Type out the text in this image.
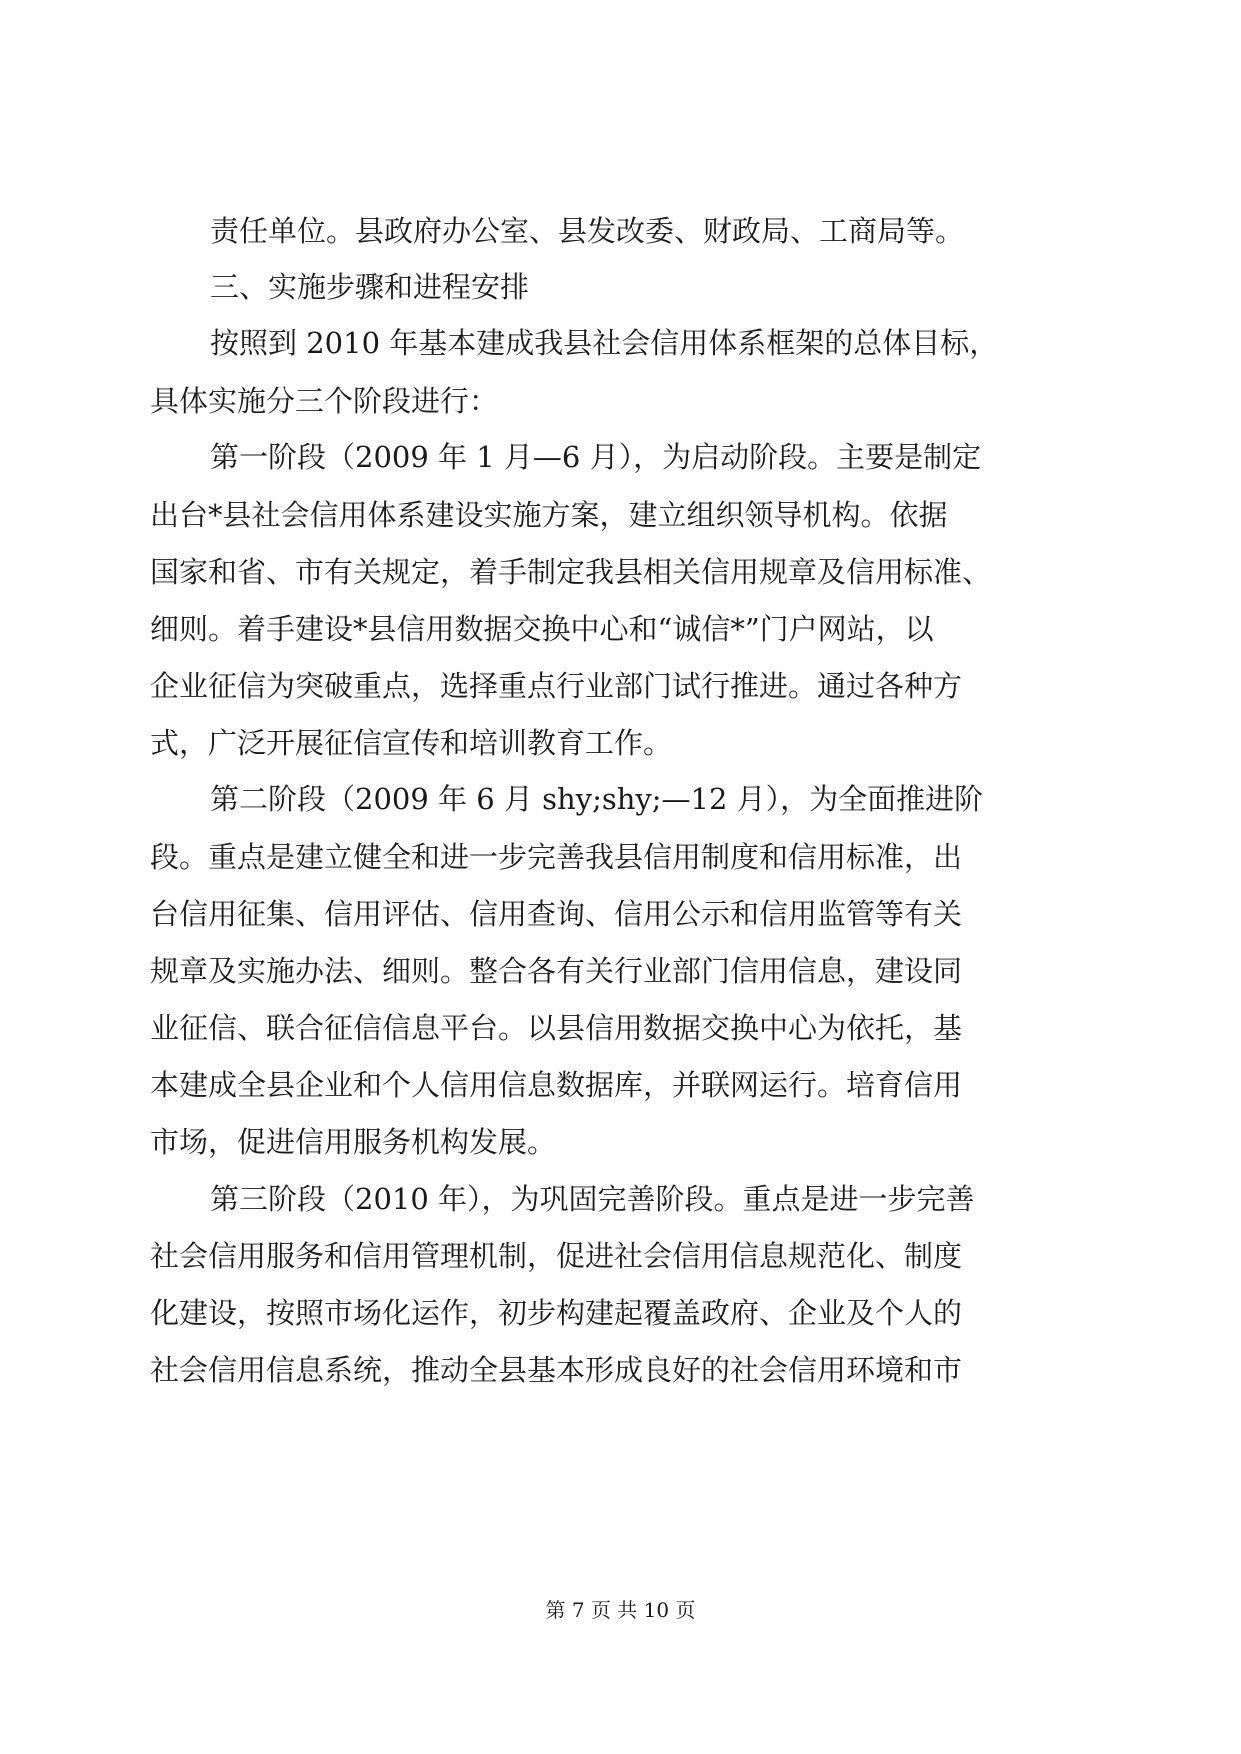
责任单位。县政府办公室、县发改委、财政局、工商局等。

三、实施步骤和进程安排

按照到 2010 年基本建成我县社会信用体系框架的总体目标，

具体实施分三个阶段进行：

第一阶段（2009 年 1 月—6 月），为启动阶段。主要是制定

出台*县社会信用体系建设实施方案，建立组织领导机构。依据

国家和省、市有关规定，着手制定我县相关信用规章及信用标准、

细则。着手建设*县信用数据交换中心和“诚信*”门户网站，以

企业征信为突破重点，选择重点行业部门试行推进。通过各种方

式，广泛开展征信宣传和培训教育工作。

第二阶段（2009 年 6 月 shy;shy;—12 月），为全面推进阶

段。重点是建立健全和进一步完善我县信用制度和信用标准，出

台信用征集、信用评估、信用查询、信用公示和信用监管等有关

规章及实施办法、细则。整合各有关行业部门信用信息，建设同

业征信、联合征信信息平台。以县信用数据交换中心为依托，基

本建成全县企业和个人信用信息数据库，并联网运行。培育信用

市场，促进信用服务机构发展。

第三阶段（2010 年），为巩固完善阶段。重点是进一步完善

社会信用服务和信用管理机制，促进社会信用信息规范化、制度

化建设，按照市场化运作，初步构建起覆盖政府、企业及个人的

社会信用信息系统，推动全县基本形成良好的社会信用环境和市

第 7 页 共 10 页
